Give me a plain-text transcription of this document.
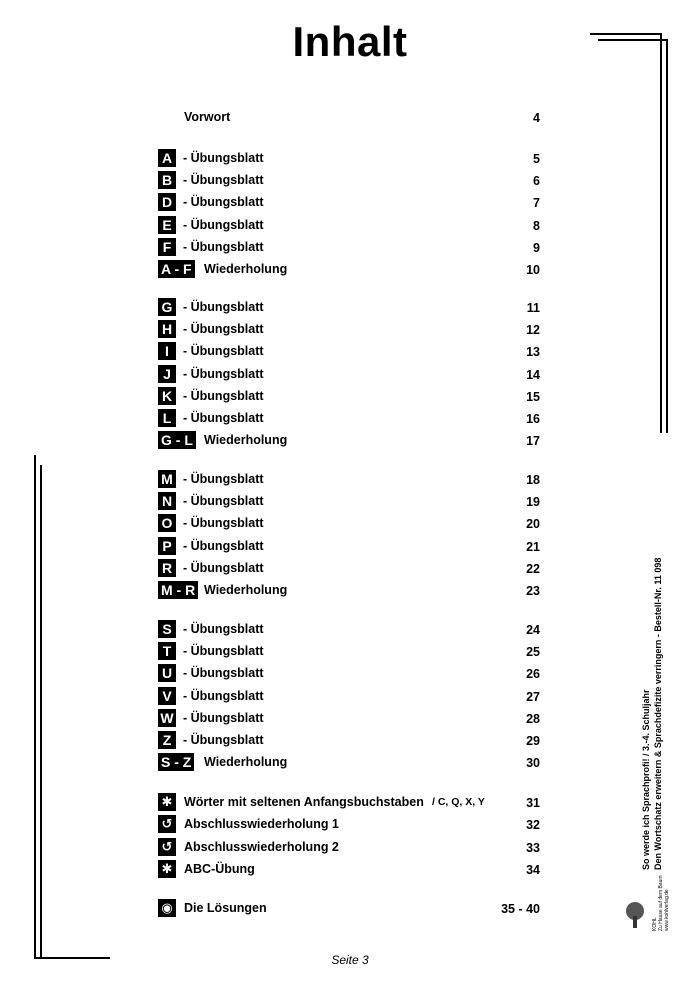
Inhalt
Vorwort	4
A - Übungsblatt	5
B - Übungsblatt	6
D - Übungsblatt	7
E - Übungsblatt	8
F - Übungsblatt	9
A - F Wiederholung	10
G - Übungsblatt	11
H - Übungsblatt	12
I	- Übungsblatt	13
J - Übungsblatt	14
K - Übungsblatt	15
L - Übungsblatt	16
G - L Wiederholung	17
M - Übungsblatt	18
N - Übungsblatt	19
O - Übungsblatt	20
P - Übungsblatt	21
R - Übungsblatt	22
M - R Wiederholung	23
S - Übungsblatt	24
T - Übungsblatt	25
U - Übungsblatt	26
V - Übungsblatt	27
W - Übungsblatt	28
Z - Übungsblatt	29
S - Z Wiederholung	30
✱ Wörter mit seltenen Anfangsbuchstaben / C, Q, X, Y	31
↺ Abschlusswiederholung 1	32
↺ Abschlusswiederholung 2	33
✱ ABC-Übung	34
◉ Die Lösungen	35 - 40
Seite 3
So werde ich Sprachprofi! / 3.-4. Schuljahr Den Wortschatz erweitern & Sprachdefizite verringern - Bestell-Nr. 11 098
KOHL Zu Hause auf dem Baum www.kohlverlag.de
